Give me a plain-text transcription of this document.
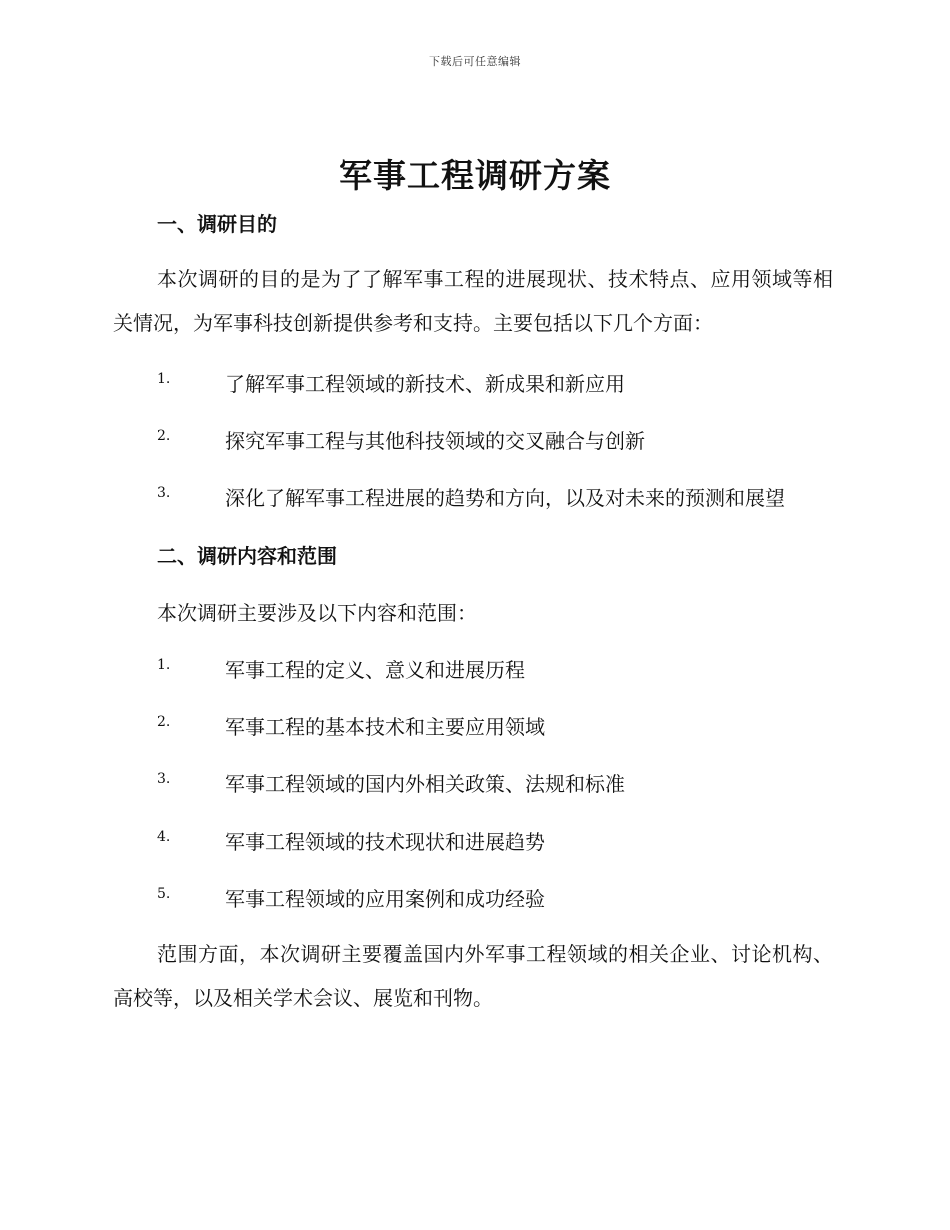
下载后可任意编辑
军事工程调研方案
一、调研目的
本次调研的目的是为了了解军事工程的进展现状、技术特点、应用领域等相关情况，为军事科技创新提供参考和支持。主要包括以下几个方面：
1.	了解军事工程领域的新技术、新成果和新应用
2.	探究军事工程与其他科技领域的交叉融合与创新
3.	深化了解军事工程进展的趋势和方向，以及对未来的预测和展望
二、调研内容和范围
本次调研主要涉及以下内容和范围：
1.	军事工程的定义、意义和进展历程
2.	军事工程的基本技术和主要应用领域
3.	军事工程领域的国内外相关政策、法规和标准
4.	军事工程领域的技术现状和进展趋势
5.	军事工程领域的应用案例和成功经验
范围方面，本次调研主要覆盖国内外军事工程领域的相关企业、讨论机构、高校等，以及相关学术会议、展览和刊物。
